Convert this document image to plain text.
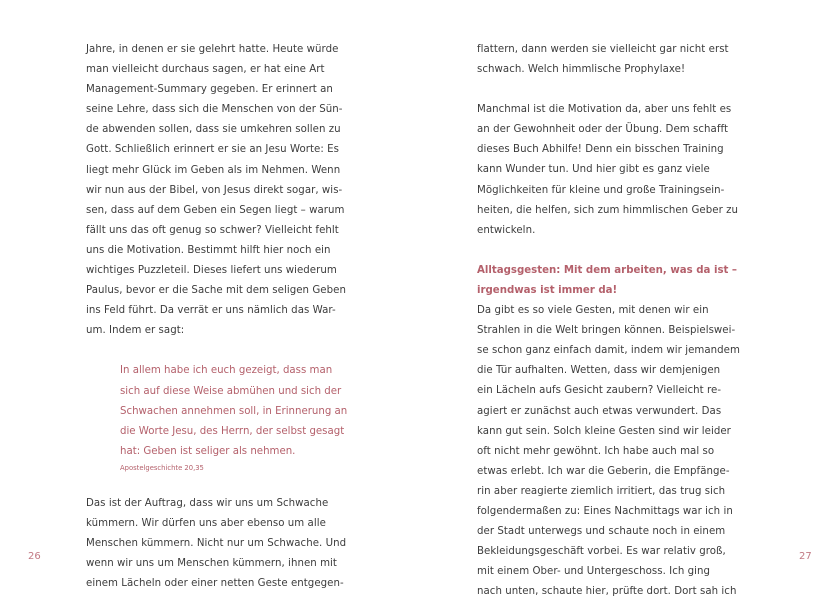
Jahre, in denen er sie gelehrt hatte. Heute würde
man vielleicht durchaus sagen, er hat eine Art
Management-Summary gegeben. Er erinnert an
seine Lehre, dass sich die Menschen von der Sün-
de abwenden sollen, dass sie umkehren sollen zu
Gott. Schließlich erinnert er sie an Jesu Worte: Es
liegt mehr Glück im Geben als im Nehmen. Wenn
wir nun aus der Bibel, von Jesus direkt sogar, wis-
sen, dass auf dem Geben ein Segen liegt – warum
fällt uns das oft genug so schwer? Vielleicht fehlt
uns die Motivation. Bestimmt hilft hier noch ein
wichtiges Puzzleteil. Dieses liefert uns wiederum
Paulus, bevor er die Sache mit dem seligen Geben
ins Feld führt. Da verrät er uns nämlich das War-
um. Indem er sagt:
In allem habe ich euch gezeigt, dass man
sich auf diese Weise abmühen und sich der
Schwachen annehmen soll, in Erinnerung an
die Worte Jesu, des Herrn, der selbst gesagt
hat: Geben ist seliger als nehmen.
Apostelgeschichte 20,35
Das ist der Auftrag, dass wir uns um Schwache
kümmern. Wir dürfen uns aber ebenso um alle
Menschen kümmern. Nicht nur um Schwache. Und
wenn wir uns um Menschen kümmern, ihnen mit
einem Lächeln oder einer netten Geste entgegen-
flattern, dann werden sie vielleicht gar nicht erst
schwach. Welch himmlische Prophylaxe!
Manchmal ist die Motivation da, aber uns fehlt es
an der Gewohnheit oder der Übung. Dem schafft
dieses Buch Abhilfe! Denn ein bisschen Training
kann Wunder tun. Und hier gibt es ganz viele
Möglichkeiten für kleine und große Trainingsein-
heiten, die helfen, sich zum himmlischen Geber zu
entwickeln.
Alltagsgesten: Mit dem arbeiten, was da ist –
irgendwas ist immer da!
Da gibt es so viele Gesten, mit denen wir ein
Strahlen in die Welt bringen können. Beispielswei-
se schon ganz einfach damit, indem wir jemandem
die Tür aufhalten. Wetten, dass wir demjenigen
ein Lächeln aufs Gesicht zaubern? Vielleicht re-
agiert er zunächst auch etwas verwundert. Das
kann gut sein. Solch kleine Gesten sind wir leider
oft nicht mehr gewöhnt. Ich habe auch mal so
etwas erlebt. Ich war die Geberin, die Empfänge-
rin aber reagierte ziemlich irritiert, das trug sich
folgendermaßen zu: Eines Nachmittags war ich in
der Stadt unterwegs und schaute noch in einem
Bekleidungsgeschäft vorbei. Es war relativ groß,
mit einem Ober- und Untergeschoss. Ich ging
nach unten, schaute hier, prüfte dort. Dort sah ich
26	27
